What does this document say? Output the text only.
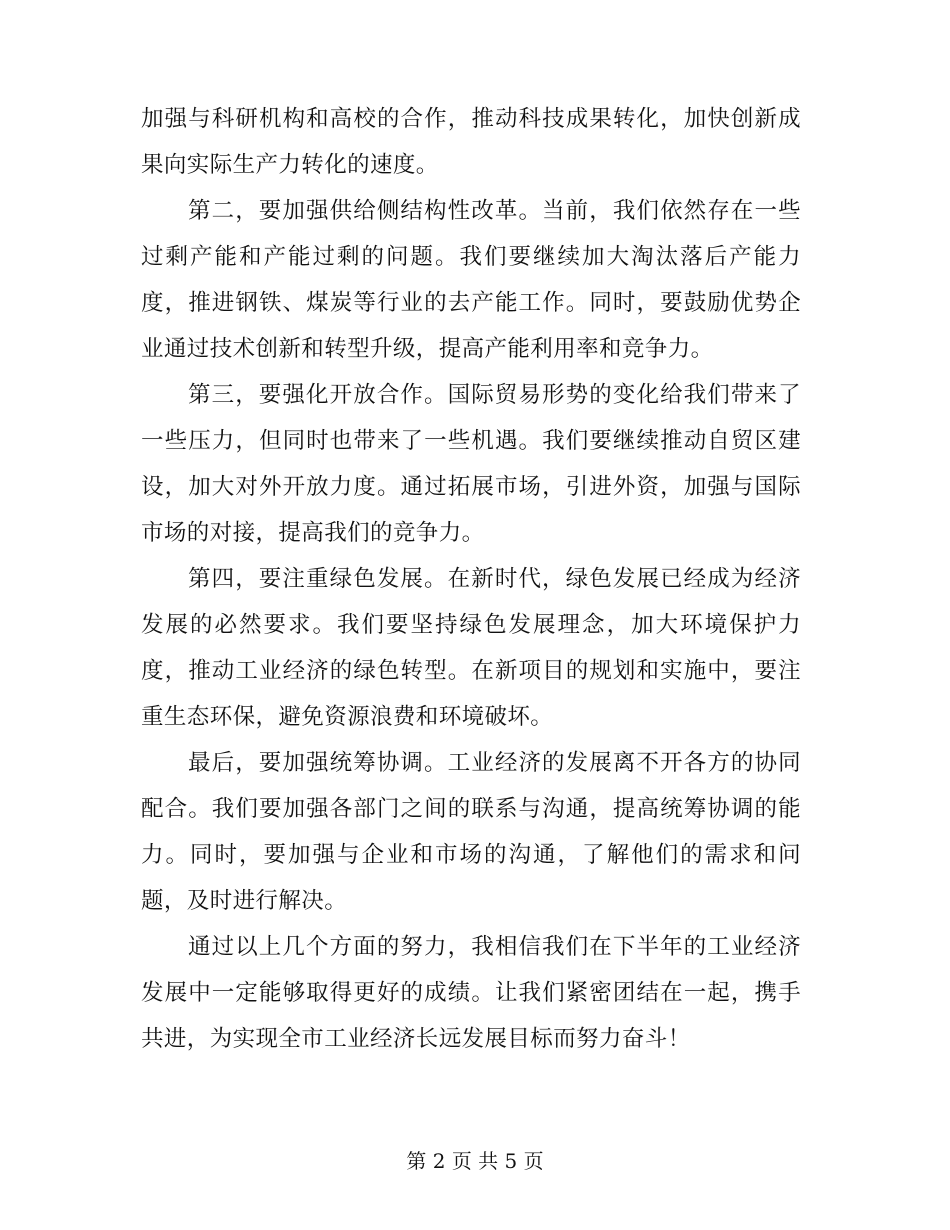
加强与科研机构和高校的合作，推动科技成果转化，加快创新成果向实际生产力转化的速度。

第二，要加强供给侧结构性改革。当前，我们依然存在一些过剩产能和产能过剩的问题。我们要继续加大淘汰落后产能力度，推进钢铁、煤炭等行业的去产能工作。同时，要鼓励优势企业通过技术创新和转型升级，提高产能利用率和竞争力。

第三，要强化开放合作。国际贸易形势的变化给我们带来了一些压力，但同时也带来了一些机遇。我们要继续推动自贸区建设，加大对外开放力度。通过拓展市场，引进外资，加强与国际市场的对接，提高我们的竞争力。

第四，要注重绿色发展。在新时代，绿色发展已经成为经济发展的必然要求。我们要坚持绿色发展理念，加大环境保护力度，推动工业经济的绿色转型。在新项目的规划和实施中，要注重生态环保，避免资源浪费和环境破坏。

最后，要加强统筹协调。工业经济的发展离不开各方的协同配合。我们要加强各部门之间的联系与沟通，提高统筹协调的能力。同时，要加强与企业和市场的沟通，了解他们的需求和问题，及时进行解决。

通过以上几个方面的努力，我相信我们在下半年的工业经济发展中一定能够取得更好的成绩。让我们紧密团结在一起，携手共进，为实现全市工业经济长远发展目标而努力奋斗！

第 2 页 共 5 页
